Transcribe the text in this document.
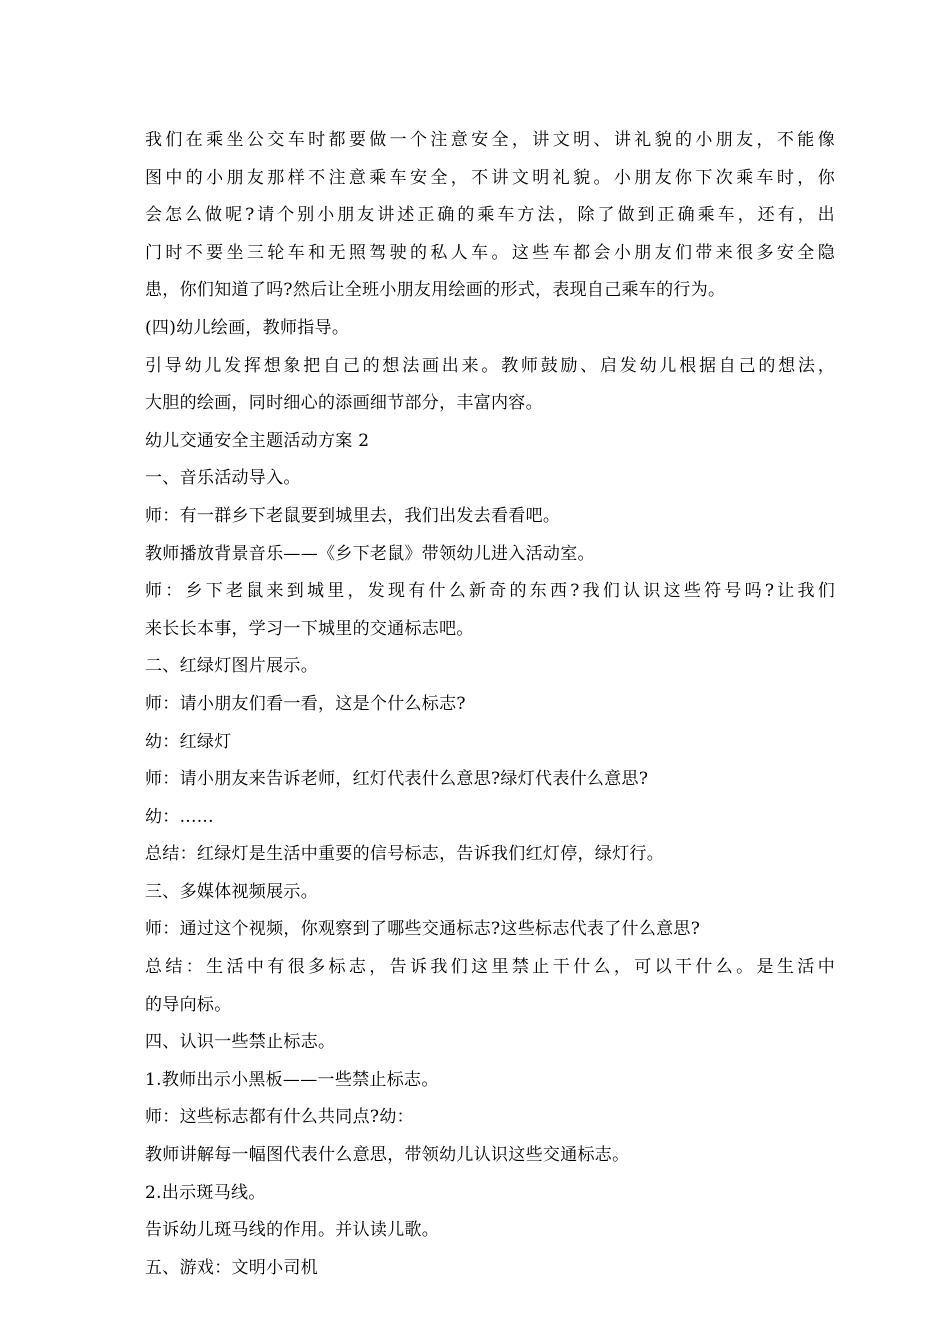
我们在乘坐公交车时都要做一个注意安全，讲文明、讲礼貌的小朋友，不能像
图中的小朋友那样不注意乘车安全，不讲文明礼貌。小朋友你下次乘车时，你
会怎么做呢?请个别小朋友讲述正确的乘车方法，除了做到正确乘车，还有，出
门时不要坐三轮车和无照驾驶的私人车。这些车都会小朋友们带来很多安全隐
患，你们知道了吗?然后让全班小朋友用绘画的形式，表现自己乘车的行为。
(四)幼儿绘画，教师指导。
引导幼儿发挥想象把自己的想法画出来。教师鼓励、启发幼儿根据自己的想法，
大胆的绘画，同时细心的添画细节部分，丰富内容。
幼儿交通安全主题活动方案 2
一、音乐活动导入。
师：有一群乡下老鼠要到城里去，我们出发去看看吧。
教师播放背景音乐——《乡下老鼠》带领幼儿进入活动室。
师：乡下老鼠来到城里，发现有什么新奇的东西?我们认识这些符号吗?让我们
来长长本事，学习一下城里的交通标志吧。
二、红绿灯图片展示。
师：请小朋友们看一看，这是个什么标志?
幼：红绿灯
师：请小朋友来告诉老师，红灯代表什么意思?绿灯代表什么意思?
幼：......
总结：红绿灯是生活中重要的信号标志，告诉我们红灯停，绿灯行。
三、多媒体视频展示。
师：通过这个视频，你观察到了哪些交通标志?这些标志代表了什么意思?
总结：生活中有很多标志，告诉我们这里禁止干什么，可以干什么。是生活中
的导向标。
四、认识一些禁止标志。
1.教师出示小黑板——一些禁止标志。
师：这些标志都有什么共同点?幼：
教师讲解每一幅图代表什么意思，带领幼儿认识这些交通标志。
2.出示斑马线。
告诉幼儿斑马线的作用。并认读儿歌。
五、游戏：文明小司机
